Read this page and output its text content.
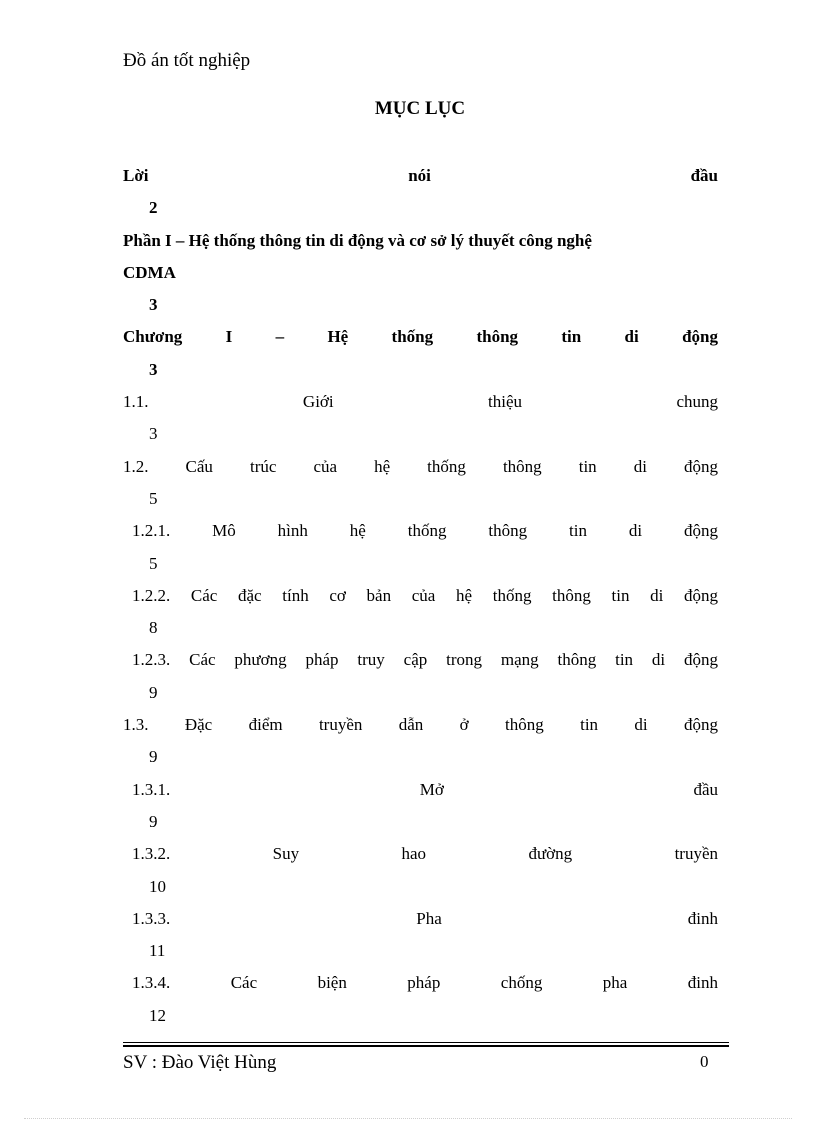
Đồ án tốt nghiệp
MỤC LỤC
Lời nói đầu
2
Phần I – Hệ thống thông tin di động và cơ sở lý thuyết công nghệ
CDMA
3
Chương I – Hệ thống thông tin di động
3
1.1. Giới thiệu chung
3
1.2. Cấu trúc của hệ thống thông tin di động
5
1.2.1. Mô hình hệ thống thông tin di động
5
1.2.2. Các đặc tính cơ bản của hệ thống thông tin di động
8
1.2.3. Các phương pháp truy cập trong mạng thông tin di động
9
1.3. Đặc điểm truyền dẫn ở thông tin di động
9
1.3.1. Mở đầu
9
1.3.2. Suy hao đường truyền
10
1.3.3. Pha đinh
11
1.3.4. Các biện pháp chống pha đinh
12
SV : Đào Việt Hùng	0
